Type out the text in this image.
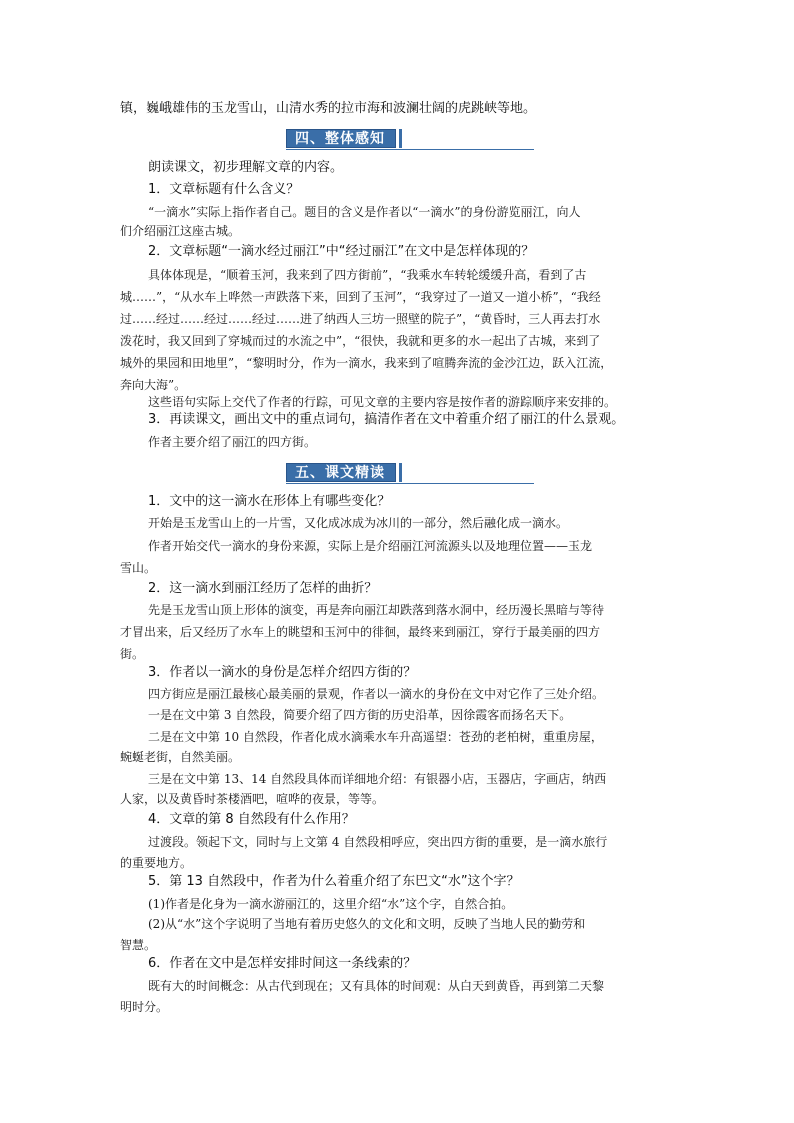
镇，巍峨雄伟的玉龙雪山，山清水秀的拉市海和波澜壮阔的虎跳峡等地。
四、整体感知
朗读课文，初步理解文章的内容。
1．文章标题有什么含义？
“一滴水”实际上指作者自己。题目的含义是作者以“一滴水”的身份游览丽江，向人
们介绍丽江这座古城。
2．文章标题“一滴水经过丽江”中“经过丽江”在文中是怎样体现的？
具体体现是，“顺着玉河，我来到了四方街前”，“我乘水车转轮缓缓升高，看到了古
城……”，“从水车上哗然一声跌落下来，回到了玉河”，“我穿过了一道又一道小桥”，“我经
过……经过……经过……经过……进了纳西人三坊一照壁的院子”，“黄昏时，三人再去打水
泼花时，我又回到了穿城而过的水流之中”，“很快，我就和更多的水一起出了古城，来到了
城外的果园和田地里”，“黎明时分，作为一滴水，我来到了喧腾奔流的金沙江边，跃入江流，
奔向大海”。
这些语句实际上交代了作者的行踪，可见文章的主要内容是按作者的游踪顺序来安排的。
3．再读课文，画出文中的重点词句，搞清作者在文中着重介绍了丽江的什么景观。
作者主要介绍了丽江的四方街。
五、课文精读
1．文中的这一滴水在形体上有哪些变化？
开始是玉龙雪山上的一片雪，又化成冰成为冰川的一部分，然后融化成一滴水。
作者开始交代一滴水的身份来源，实际上是介绍丽江河流源头以及地理位置——玉龙
雪山。
2．这一滴水到丽江经历了怎样的曲折？
先是玉龙雪山顶上形体的演变，再是奔向丽江却跌落到落水洞中，经历漫长黑暗与等待
才冒出来，后又经历了水车上的眺望和玉河中的徘徊，最终来到丽江，穿行于最美丽的四方
街。
3．作者以一滴水的身份是怎样介绍四方街的？
四方街应是丽江最核心最美丽的景观，作者以一滴水的身份在文中对它作了三处介绍。
一是在文中第 3 自然段，简要介绍了四方街的历史沿革，因徐霞客而扬名天下。
二是在文中第 10 自然段，作者化成水滴乘水车升高遥望：苍劲的老柏树，重重房屋，
蜿蜒老街，自然美丽。
三是在文中第 13、14 自然段具体而详细地介绍：有银器小店，玉器店，字画店，纳西
人家，以及黄昏时茶楼酒吧，喧哗的夜景，等等。
4．文章的第 8 自然段有什么作用？
过渡段。领起下文，同时与上文第 4 自然段相呼应，突出四方街的重要，是一滴水旅行
的重要地方。
5．第 13 自然段中，作者为什么着重介绍了东巴文“水”这个字？
(1)作者是化身为一滴水游丽江的，这里介绍“水”这个字，自然合拍。
(2)从“水”这个字说明了当地有着历史悠久的文化和文明，反映了当地人民的勤劳和
智慧。
6．作者在文中是怎样安排时间这一条线索的？
既有大的时间概念：从古代到现在；又有具体的时间观：从白天到黄昏，再到第二天黎
明时分。
